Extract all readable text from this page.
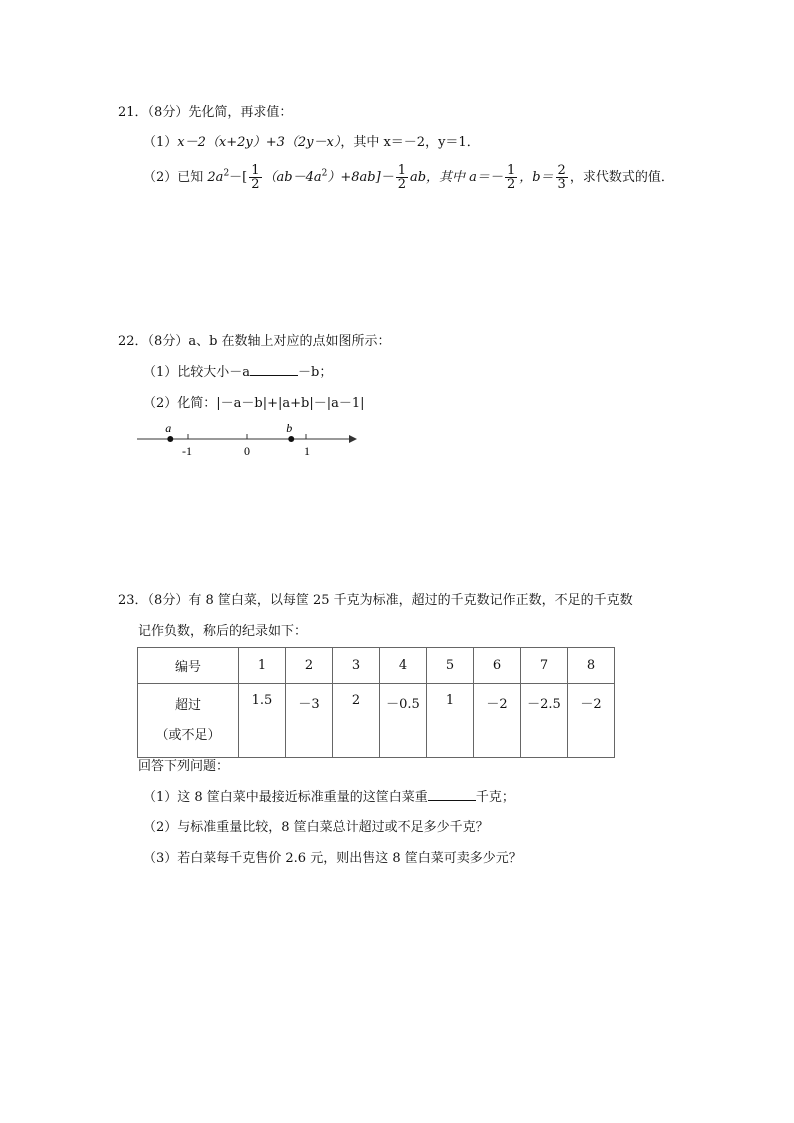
21．（8分）先化简，再求值：
（1）x－2（x+2y）+3（2y－x），其中 x＝－2，y＝1．
（2）已知 $2a^2-[ \frac{1}{2} (ab-4a^2)+8ab]- \frac{1}{2}$ ab，其中 $a=- \frac{1}{2}$ ，$b= \frac{2}{3}$ ，求代数式的值．
22．（8分）a、b 在数轴上对应的点如图所示：
（1）比较大小－a	－b；
（2）化简：|－a－b|+|a+b|－|a－1|
a	b
-1	0	1
23．（8分）有 8 筐白菜，以每筐 25 千克为标准，超过的千克数记作正数，不足的千克数
记作负数，称后的纪录如下：
编号	1	2	3	4	5	6	7	8

超过
（或不足）	1.5	－3	2	－0.5	1	－2	－2.5	－2
回答下列问题：
（1）这 8 筐白菜中最接近标准重量的这筐白菜重	千克；
（2）与标准重量比较，8 筐白菜总计超过或不足多少千克？
（3）若白菜每千克售价 2.6 元，则出售这 8 筐白菜可卖多少元？
